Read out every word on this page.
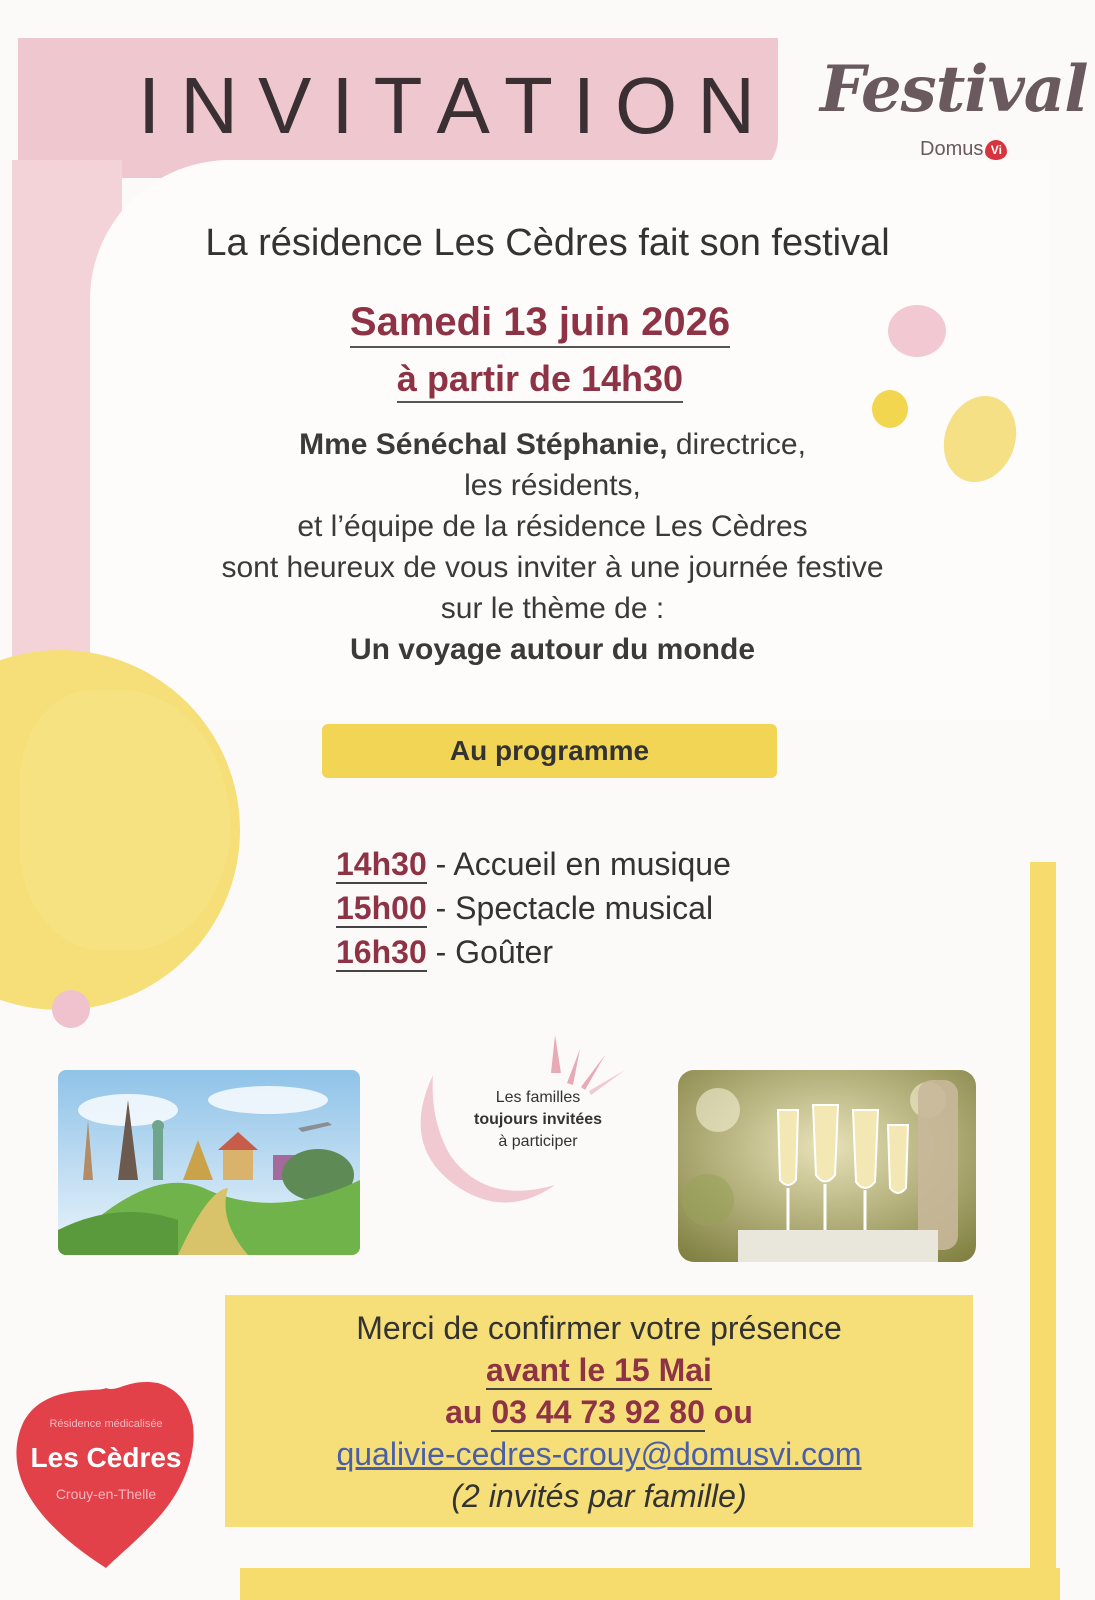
INVITATION Festival
Domus Vi
La résidence Les Cèdres fait son festival
Samedi 13 juin 2026
à partir de 14h30
Mme Sénéchal Stéphanie, directrice,
les résidents,
et l’équipe de la résidence Les Cèdres
sont heureux de vous inviter à une journée festive
sur le thème de :
Un voyage autour du monde
Au programme
14h30 - Accueil en musique
15h00 - Spectacle musical
16h30 - Goûter
Les familles
toujours invitées
à participer
Merci de confirmer votre présence
avant le 15 Mai
au 03 44 73 92 80 ou
qualivie-cedres-crouy@domusvi.com
(2 invités par famille)
Résidence médicalisée
Les Cèdres
Crouy-en-Thelle
